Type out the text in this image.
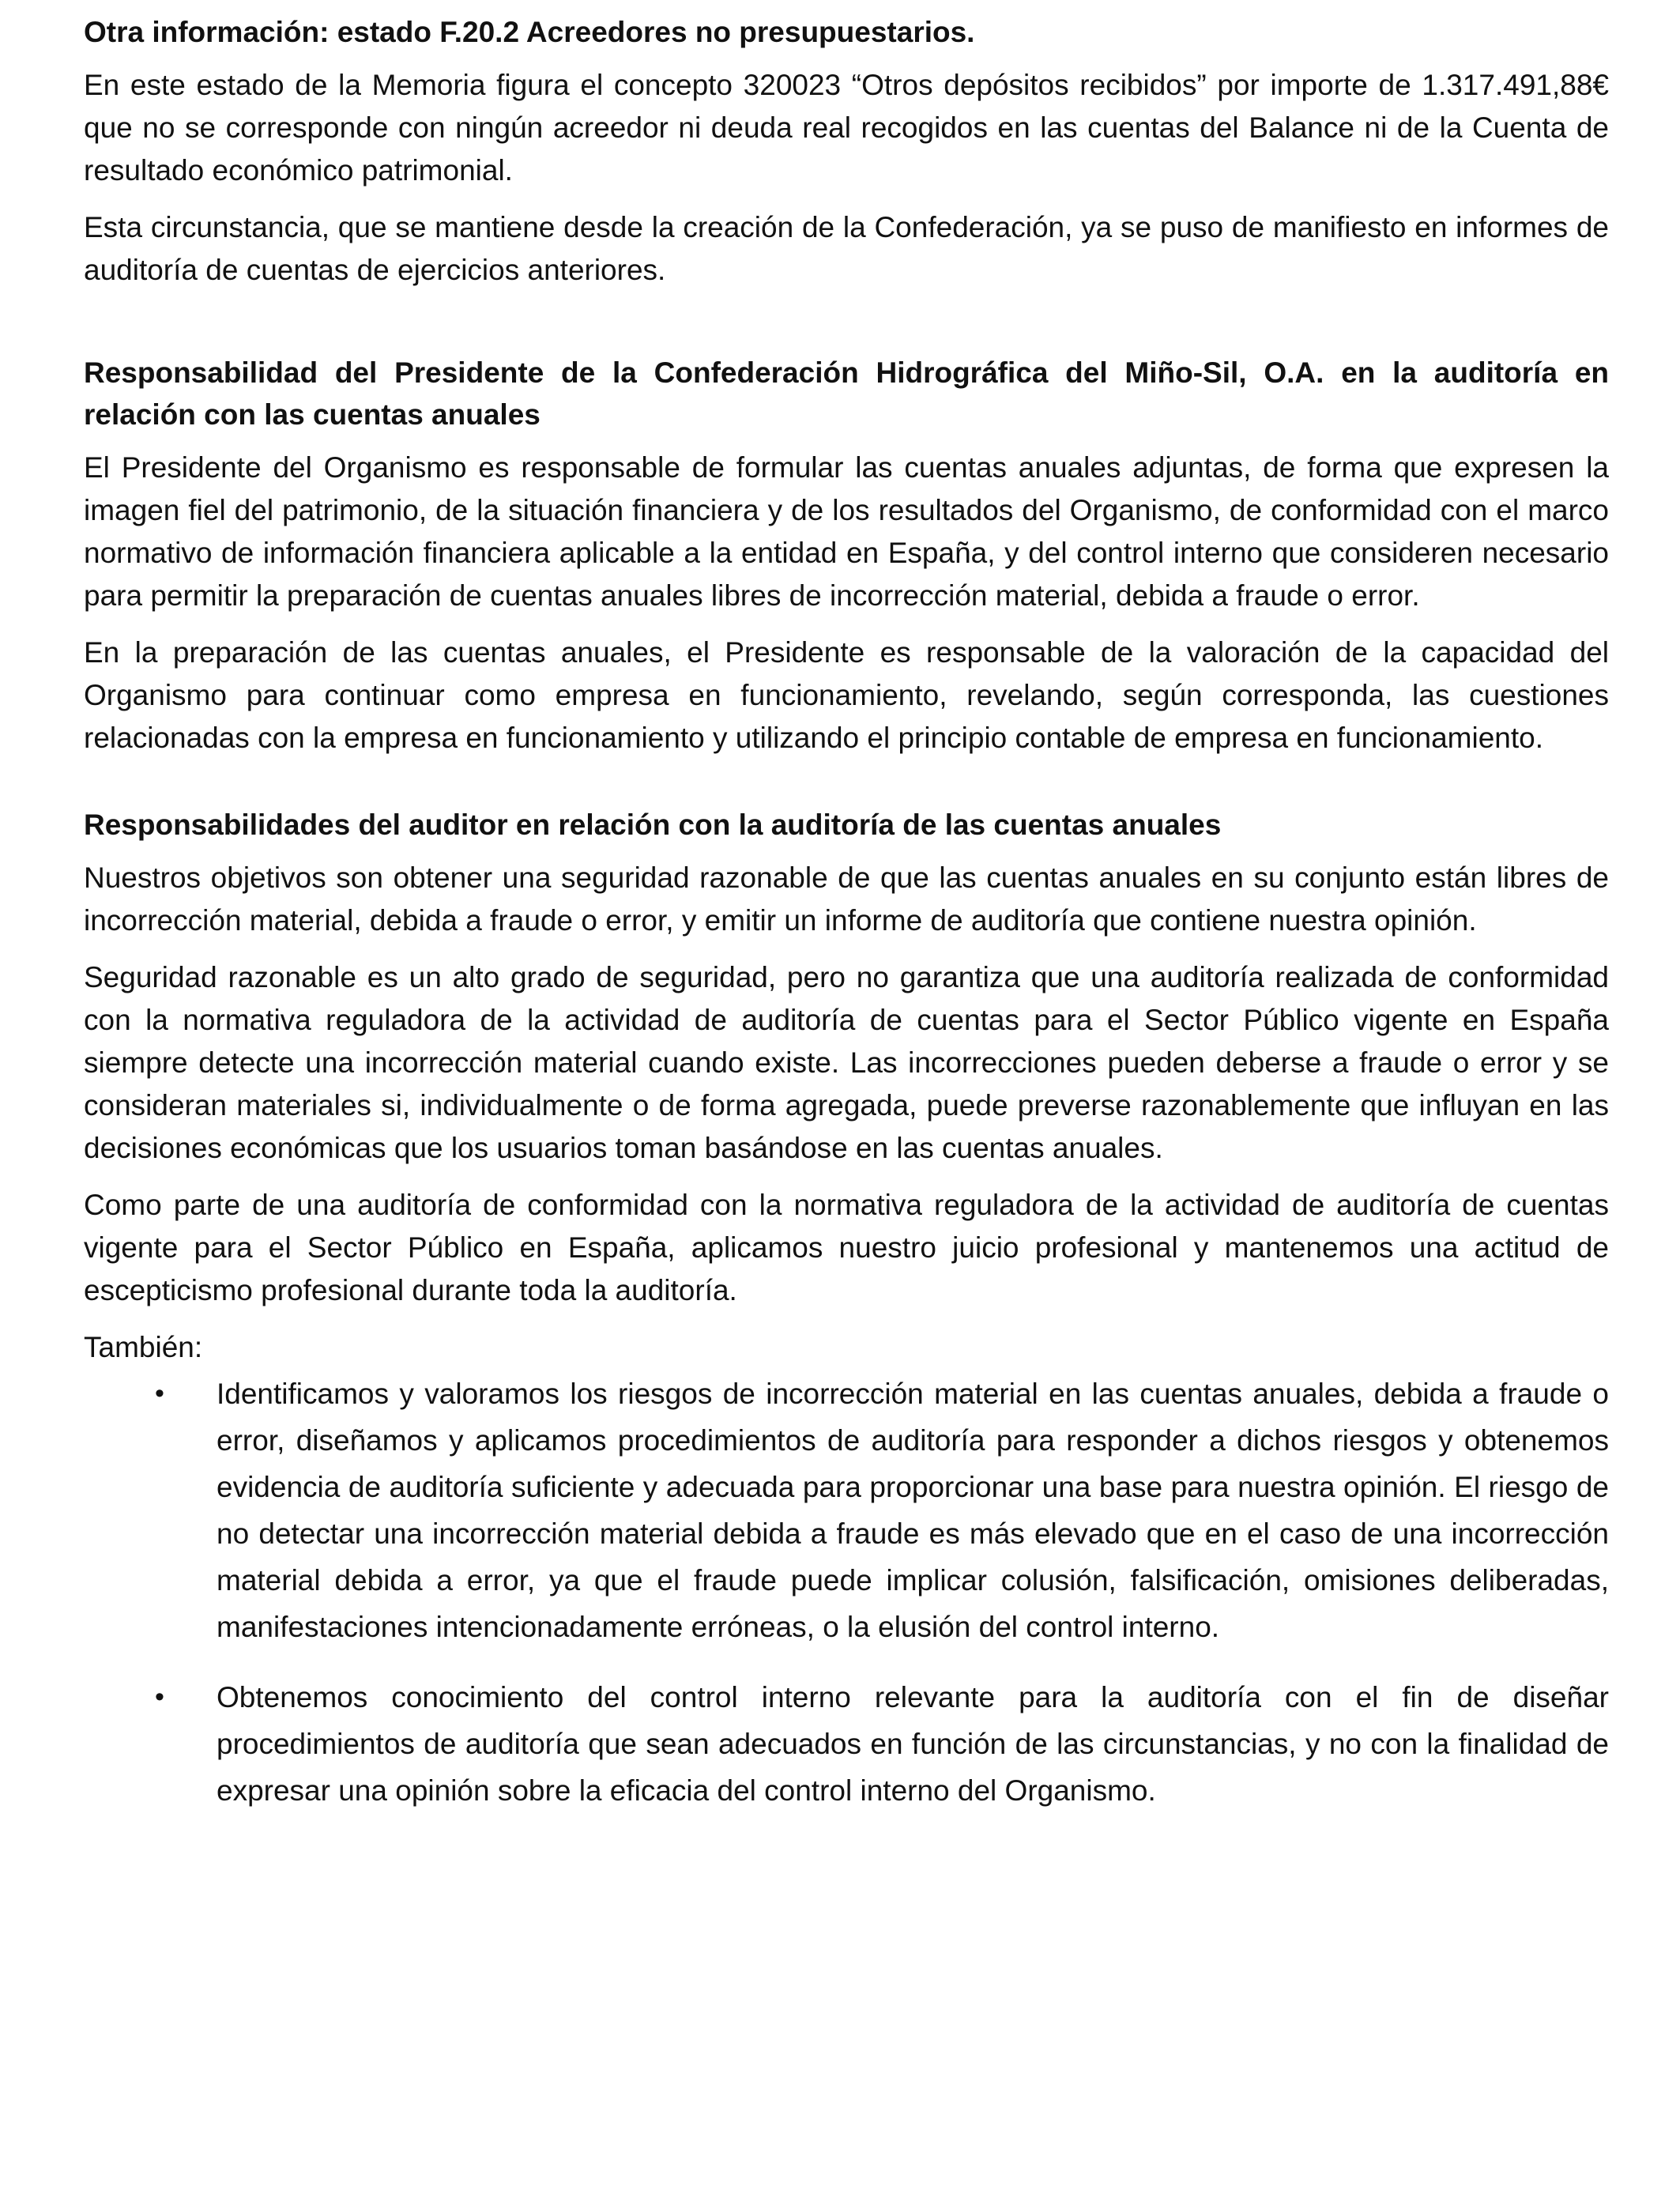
Otra información: estado F.20.2 Acreedores no presupuestarios.

En este estado de la Memoria figura el concepto 320023 “Otros depósitos recibidos” por importe de 1.317.491,88€ que no se corresponde con ningún acreedor ni deuda real recogidos en las cuentas del Balance ni de la Cuenta de resultado económico patrimonial.

Esta circunstancia, que se mantiene desde la creación de la Confederación, ya se puso de manifiesto en informes de auditoría de cuentas de ejercicios anteriores.

Responsabilidad del Presidente de la Confederación Hidrográfica del Miño-Sil, O.A. en la auditoría en relación con las cuentas anuales

El Presidente del Organismo es responsable de formular las cuentas anuales adjuntas, de forma que expresen la imagen fiel del patrimonio, de la situación financiera y de los resultados del Organismo, de conformidad con el marco normativo de información financiera aplicable a la entidad en España, y del control interno que consideren necesario para permitir la preparación de cuentas anuales libres de incorrección material, debida a fraude o error.

En la preparación de las cuentas anuales, el Presidente es responsable de la valoración de la capacidad del Organismo para continuar como empresa en funcionamiento, revelando, según corresponda, las cuestiones relacionadas con la empresa en funcionamiento y utilizando el principio contable de empresa en funcionamiento.

Responsabilidades del auditor en relación con la auditoría de las cuentas anuales

Nuestros objetivos son obtener una seguridad razonable de que las cuentas anuales en su conjunto están libres de incorrección material, debida a fraude o error, y emitir un informe de auditoría que contiene nuestra opinión.

Seguridad razonable es un alto grado de seguridad, pero no garantiza que una auditoría realizada de conformidad con la normativa reguladora de la actividad de auditoría de cuentas para el Sector Público vigente en España siempre detecte una incorrección material cuando existe. Las incorrecciones pueden deberse a fraude o error y se consideran materiales si, individualmente o de forma agregada, puede preverse razonablemente que influyan en las decisiones económicas que los usuarios toman basándose en las cuentas anuales.

Como parte de una auditoría de conformidad con la normativa reguladora de la actividad de auditoría de cuentas vigente para el Sector Público en España, aplicamos nuestro juicio profesional y mantenemos una actitud de escepticismo profesional durante toda la auditoría.

También:

•	Identificamos y valoramos los riesgos de incorrección material en las cuentas anuales, debida a fraude o error, diseñamos y aplicamos procedimientos de auditoría para responder a dichos riesgos y obtenemos evidencia de auditoría suficiente y adecuada para proporcionar una base para nuestra opinión. El riesgo de no detectar una incorrección material debida a fraude es más elevado que en el caso de una incorrección material debida a error, ya que el fraude puede implicar colusión, falsificación, omisiones deliberadas, manifestaciones intencionadamente erróneas, o la elusión del control interno.
•	Obtenemos conocimiento del control interno relevante para la auditoría con el fin de diseñar procedimientos de auditoría que sean adecuados en función de las circunstancias, y no con la finalidad de expresar una opinión sobre la eficacia del control interno del Organismo.
